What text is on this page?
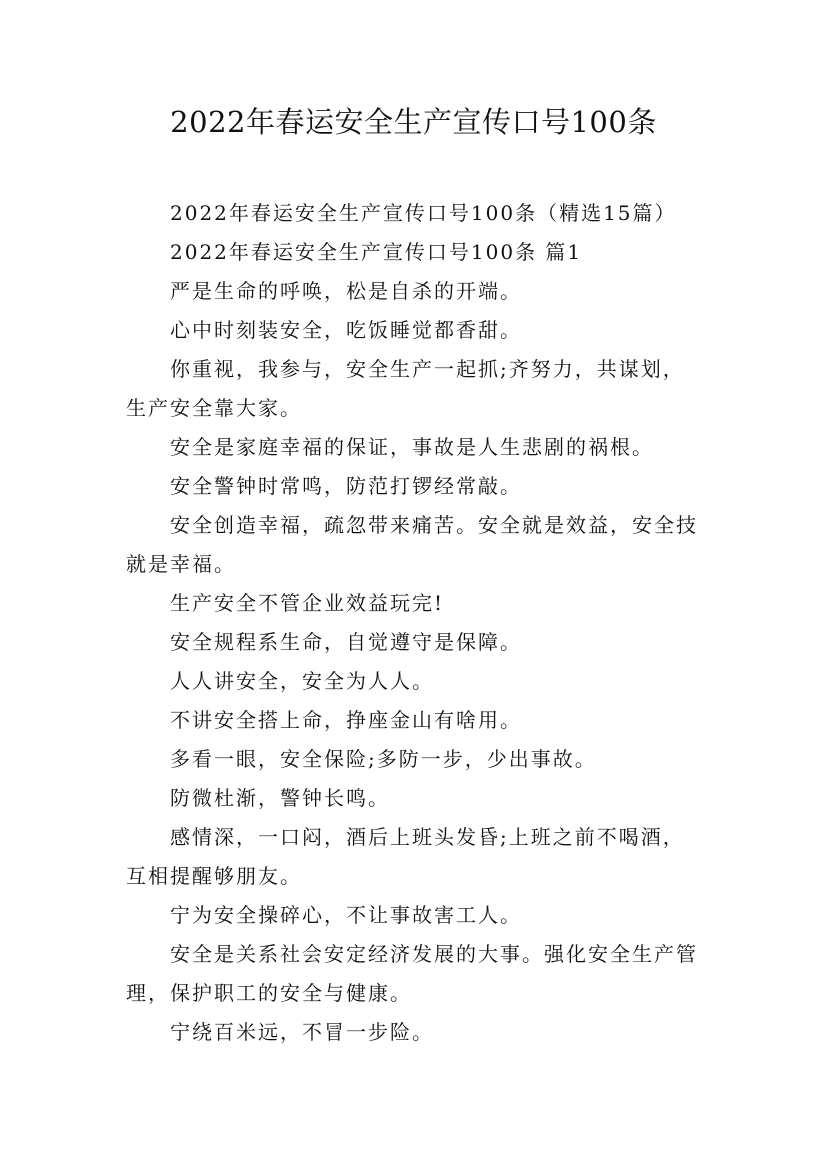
2022年春运安全生产宣传口号100条

2022年春运安全生产宣传口号100条（精选15篇）

2022年春运安全生产宣传口号100条 篇1

严是生命的呼唤，松是自杀的开端。

心中时刻装安全，吃饭睡觉都香甜。

你重视，我参与，安全生产一起抓;齐努力，共谋划，生产安全靠大家。

安全是家庭幸福的保证，事故是人生悲剧的祸根。

安全警钟时常鸣，防范打锣经常敲。

安全创造幸福，疏忽带来痛苦。安全就是效益，安全技就是幸福。

生产安全不管企业效益玩完!

安全规程系生命，自觉遵守是保障。

人人讲安全，安全为人人。

不讲安全搭上命，挣座金山有啥用。

多看一眼，安全保险;多防一步，少出事故。

防微杜渐，警钟长鸣。

感情深，一口闷，酒后上班头发昏;上班之前不喝酒，互相提醒够朋友。

宁为安全操碎心，不让事故害工人。

安全是关系社会安定经济发展的大事。强化安全生产管理，保护职工的安全与健康。

宁绕百米远，不冒一步险。
